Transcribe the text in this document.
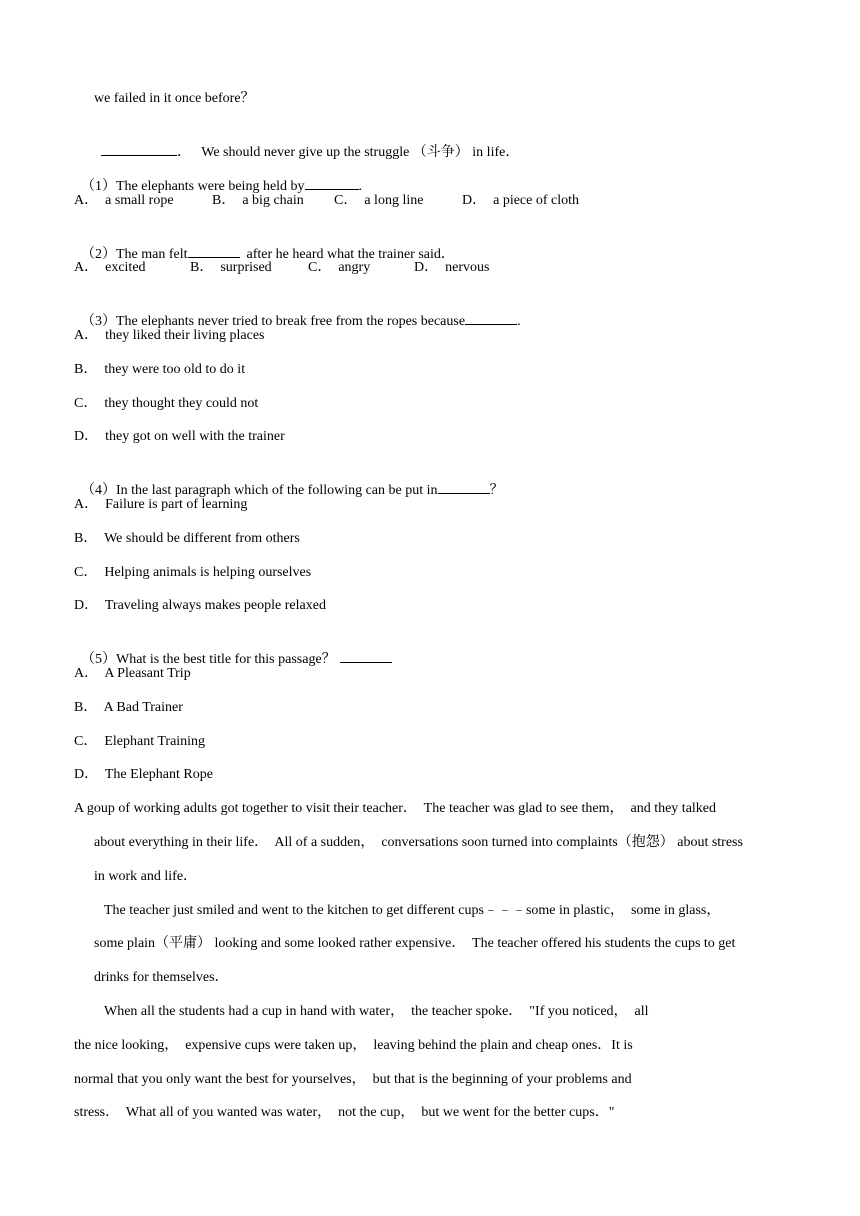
we failed in it once before？

．   We should never give up the struggle （斗争） in life．

（1）The elephants were being held by	.

A．  a small rope	B．  a big chain C．  a long line	D．  a piece of cloth

（2）The man felt	after he heard what the trainer said．

A．  excited	B．  surprised	C．  angry	D．  nervous

（3）The elephants never tried to break free from the ropes because	.

A．  they liked their living places
B．  they were too old to do it
C．  they thought they could not
D．  they got on well with the trainer

（4）In the last paragraph which of the following can be put in	？

A．  Failure is part of learning
B．  We should be different from others
C．  Helping animals is helping ourselves
D．  Traveling always makes people relaxed

（5）What is the best title for this passage？

A．  A Pleasant Trip
B．  A Bad Trainer
C．  Elephant Training
D．  The Elephant Rope
A goup of working adults got together to visit their teacher．  The teacher was glad to see them，  and they talked
about everything in their life．  All of a sudden，  conversations soon turned into complaints（抱怨） about stress
in work and life．
The teacher just smiled and went to the kitchen to get different cups﹣﹣﹣some in plastic，  some in glass，
some plain（平庸） looking and some looked rather expensive．  The teacher offered his students the cups to get
drinks for themselves．
When all the students had a cup in hand with water，  the teacher spoke．  "If you noticed，  all
the nice looking，  expensive cups were taken up，  leaving behind the plain and cheap ones．It is
normal that you only want the best for yourselves，  but that is the beginning of your problems and
stress．  What all of you wanted was water，  not the cup，  but we went for the better cups．"
